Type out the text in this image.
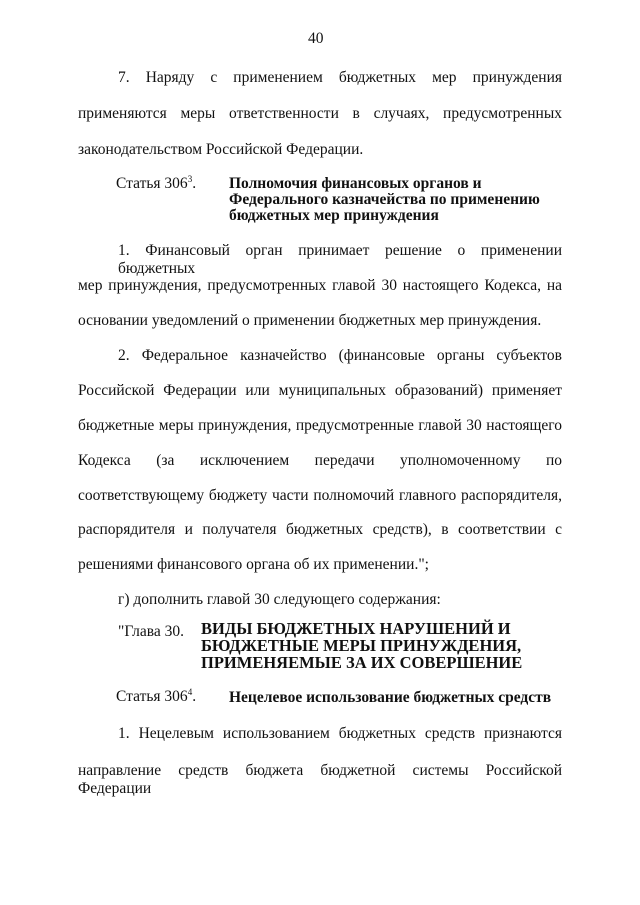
40
7. Наряду с применением бюджетных мер принуждения
применяются меры ответственности в случаях, предусмотренных
законодательством Российской Федерации.
Статья $306^3$. Полномочия финансовых органов и
Федерального казначейства по применению
бюджетных мер принуждения
1. Финансовый орган принимает решение о применении бюджетных
мер принуждения, предусмотренных главой 30 настоящего Кодекса, на
основании уведомлений о применении бюджетных мер принуждения.
2. Федеральное казначейство (финансовые органы субъектов
Российской Федерации или муниципальных образований) применяет
бюджетные меры принуждения, предусмотренные главой 30 настоящего
Кодекса (за исключением передачи уполномоченному по
соответствующему бюджету части полномочий главного распорядителя,
распорядителя и получателя бюджетных средств), в соответствии с
решениями финансового органа об их применении.";
г) дополнить главой 30 следующего содержания:
"Глава 30. ВИДЫ БЮДЖЕТНЫХ НАРУШЕНИЙ И
БЮДЖЕТНЫЕ МЕРЫ ПРИНУЖДЕНИЯ,
ПРИМЕНЯЕМЫЕ ЗА ИХ СОВЕРШЕНИЕ
Статья $306^4$. Нецелевое использование бюджетных средств
1. Нецелевым использованием бюджетных средств признаются
направление средств бюджета бюджетной системы Российской Федерации
